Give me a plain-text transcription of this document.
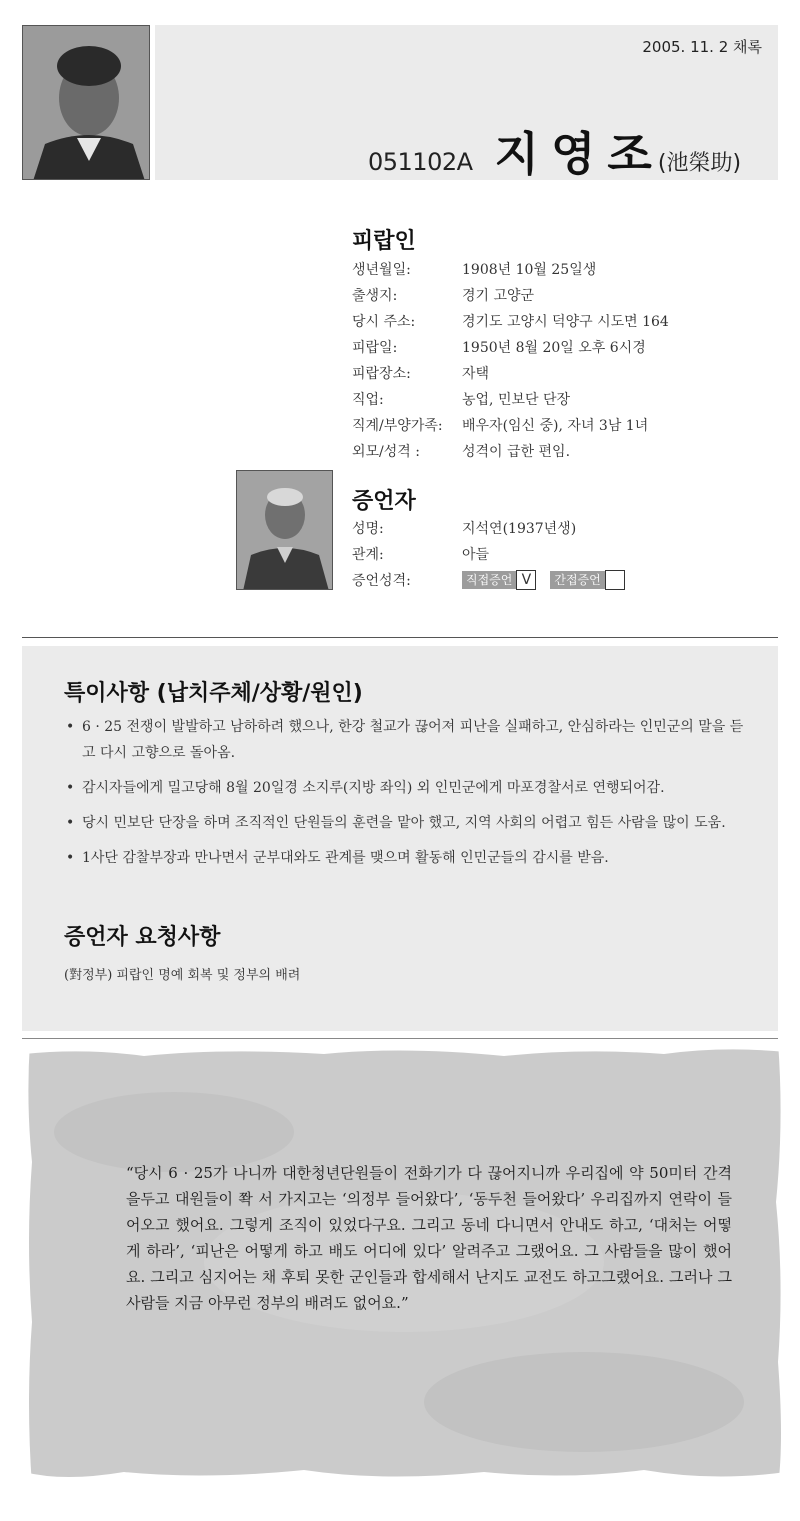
2005. 11. 2 채록
051102A 지영조
(池榮助)
피랍인
생년월일:	1908년 10월 25일생
출생지:	경기 고양군
당시 주소:	경기도 고양시 덕양구 시도면 164
피랍일:	1950년 8월 20일 오후 6시경
피랍장소:	자택
직업:	농업, 민보단 단장
직계/부양가족:	배우자(임신 중), 자녀 3남 1녀
외모/성격 :	성격이 급한 편임.
증언자
성명:	지석연(1937년생)
관계:	아들
증언성격:	직접증언 V	간접증언
특이사항 (납치주체/상황/원인)
• 6 · 25 전쟁이 발발하고 남하하려 했으나, 한강 철교가 끊어져 피난을 실패하고, 안심하라는 인민군의 말을 듣고 다시 고향으로 돌아옴.
• 감시자들에게 밀고당해 8월 20일경 소지루(지방 좌익) 외 인민군에게 마포경찰서로 연행되어감.
• 당시 민보단 단장을 하며 조직적인 단원들의 훈련을 맡아 했고, 지역 사회의 어렵고 힘든 사람을 많이 도움.
• 1사단 감찰부장과 만나면서 군부대와도 관계를 맺으며 활동해 인민군들의 감시를 받음.
증언자 요청사항
(對정부) 피랍인 명예 회복 및 정부의 배려
“당시 6 · 25가 나니까 대한청년단원들이 전화기가 다 끊어지니까 우리집에 약 50미터 간격을두고 대원들이 쫙 서 가지고는 ‘의정부 들어왔다’, ‘동두천 들어왔다’ 우리집까지 연락이 들어오고 했어요. 그렇게 조직이 있었다구요. 그리고 동네 다니면서 안내도 하고, ‘대처는 어떻게 하라’, ‘피난은 어떻게 하고 배도 어디에 있다’ 알려주고 그랬어요. 그 사람들을 많이 했어요. 그리고 심지어는 채 후퇴 못한 군인들과 합세해서 난지도 교전도 하고그랬어요. 그러나 그 사람들 지금 아무런 정부의 배려도 없어요.”
